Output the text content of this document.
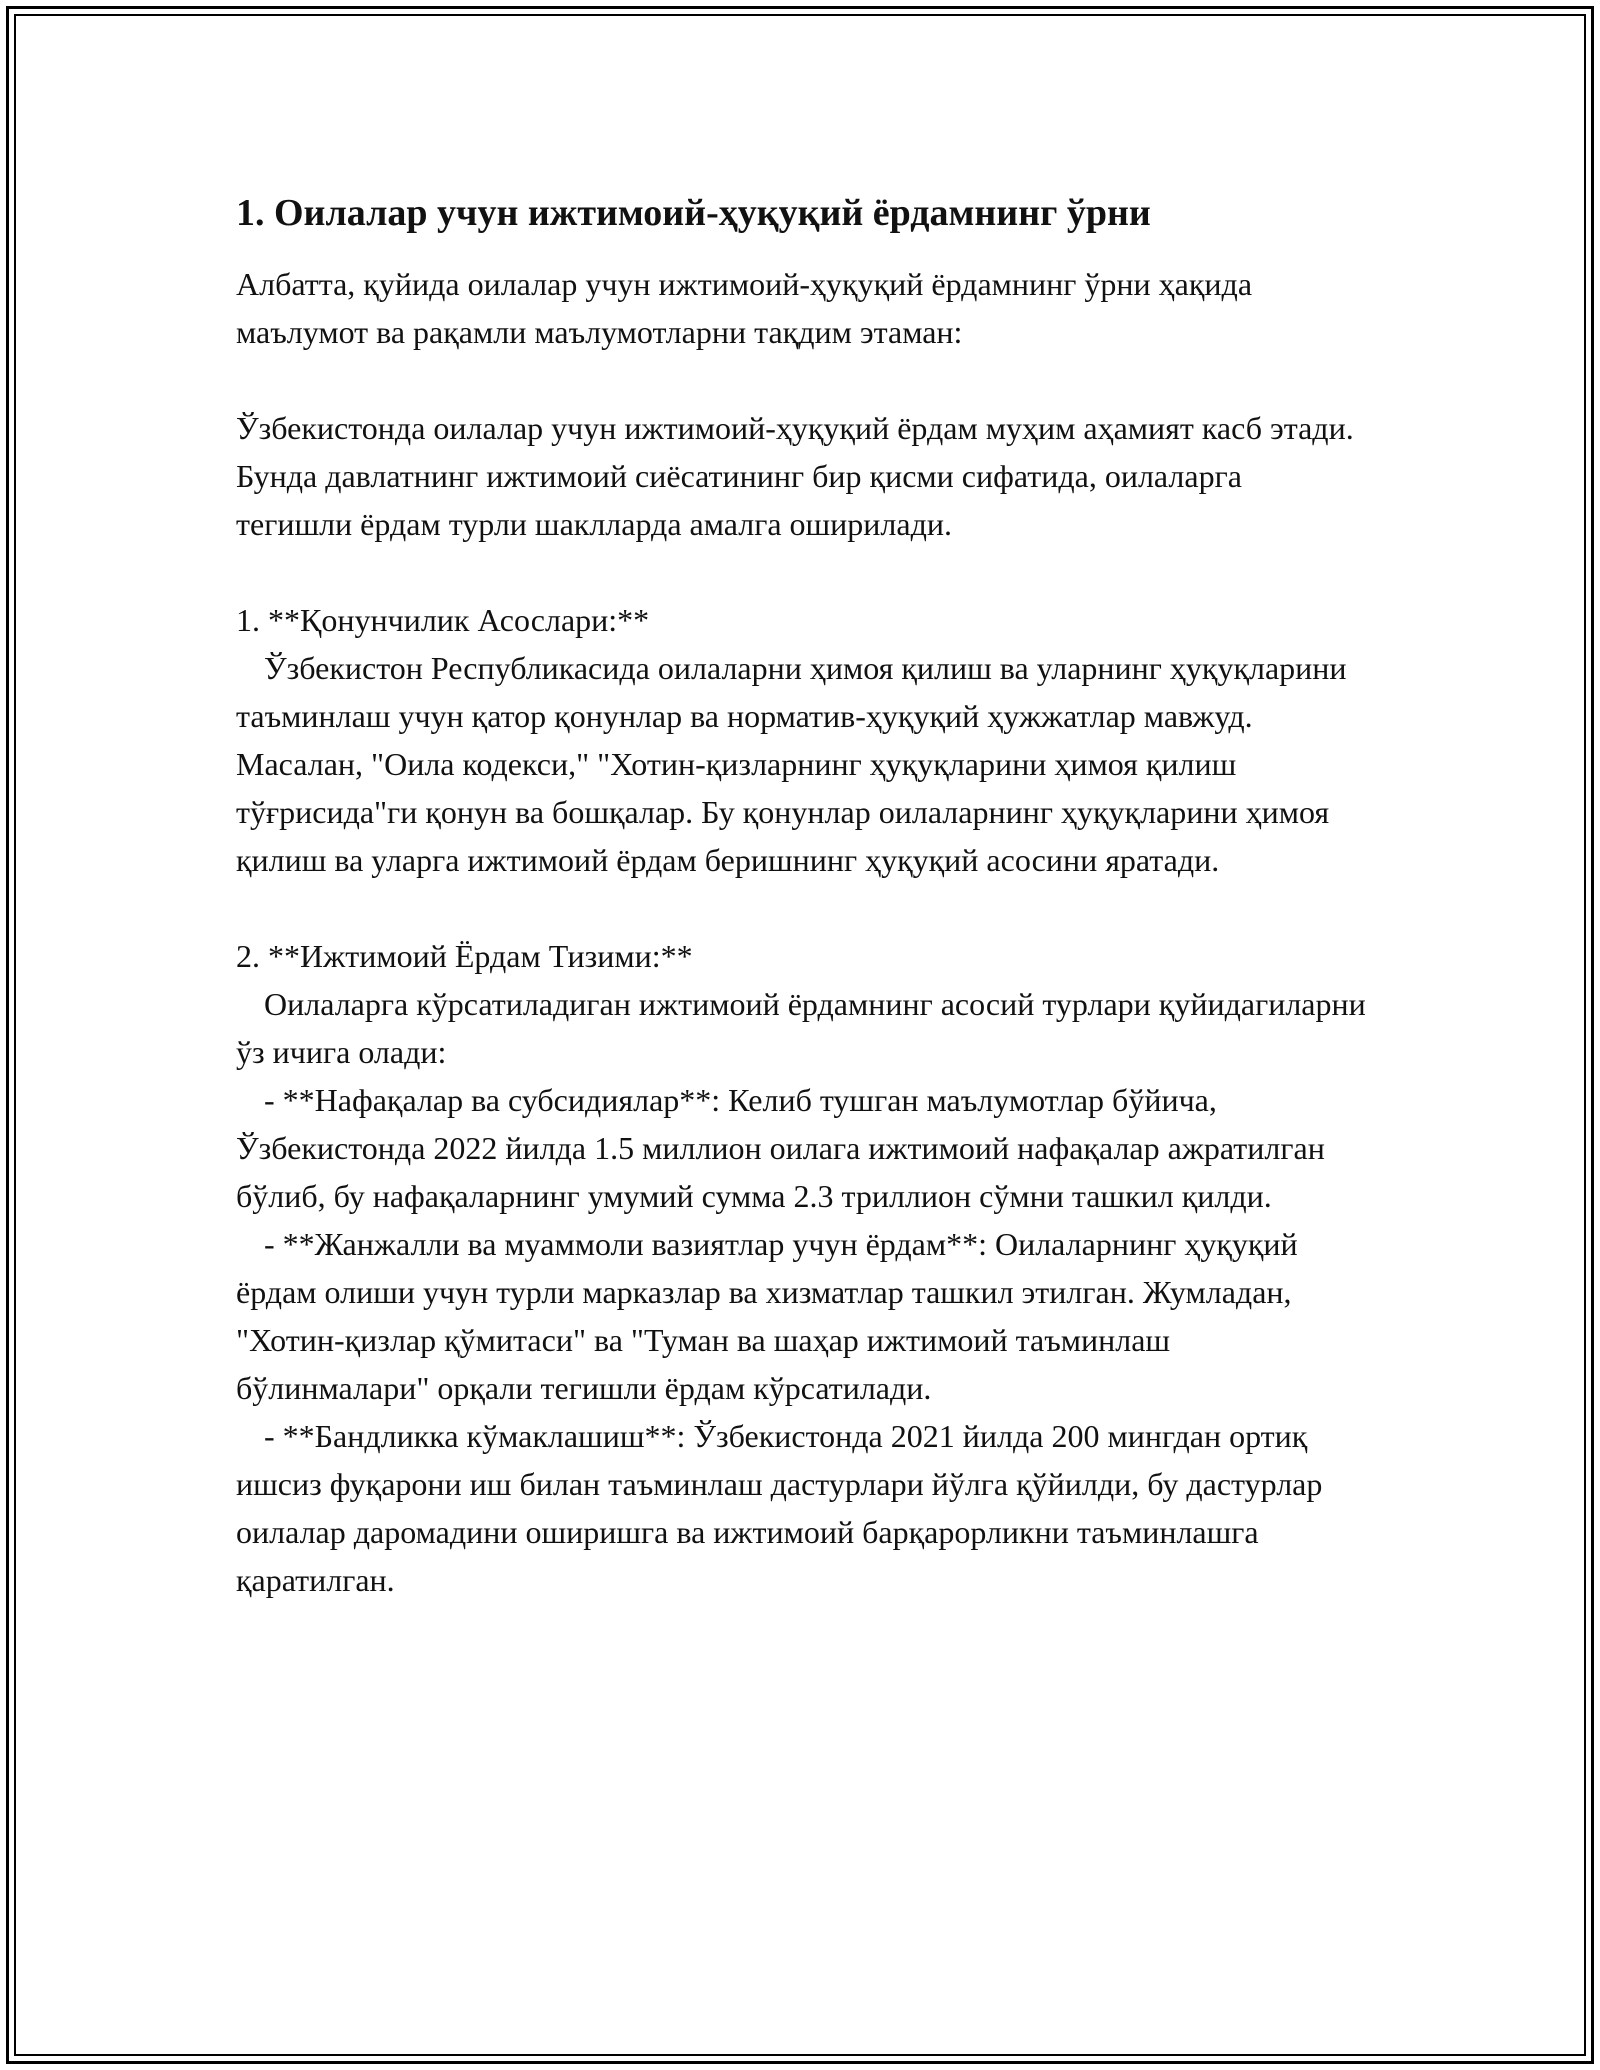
1. Оилалар учун ижтимоий-ҳуқуқий ёрдамнинг ўрни

Албатта, қуйида оилалар учун ижтимоий-ҳуқуқий ёрдамнинг ўрни ҳақида маълумот ва рақамли маълумотларни тақдим этаман:

Ўзбекистонда оилалар учун ижтимоий-ҳуқуқий ёрдам муҳим аҳамият касб этади. Бунда давлатнинг ижтимоий сиёсатининг бир қисми сифатида, оилаларга тегишли ёрдам турли шаклларда амалга оширилади.

1. **Қонунчилик Асослари:**

Ўзбекистон Республикасида оилаларни ҳимоя қилиш ва уларнинг ҳуқуқларини таъминлаш учун қатор қонунлар ва норматив-ҳуқуқий ҳужжатлар мавжуд. Масалан, "Оила кодекси," "Хотин-қизларнинг ҳуқуқларини ҳимоя қилиш тўғрисида"ги қонун ва бошқалар. Бу қонунлар оилаларнинг ҳуқуқларини ҳимоя қилиш ва уларга ижтимоий ёрдам беришнинг ҳуқуқий асосини яратади.

2. **Ижтимоий Ёрдам Тизими:**

Оилаларга кўрсатиладиган ижтимоий ёрдамнинг асосий турлари қуйидагиларни ўз ичига олади:

- **Нафақалар ва субсидиялар**: Келиб тушган маълумотлар бўйича, Ўзбекистонда 2022 йилда 1.5 миллион оилага ижтимоий нафақалар ажратилган бўлиб, бу нафақаларнинг умумий сумма 2.3 триллион сўмни ташкил қилди.

- **Жанжалли ва муаммоли вазиятлар учун ёрдам**: Оилаларнинг ҳуқуқий ёрдам олиши учун турли марказлар ва хизматлар ташкил этилган. Жумладан, "Хотин-қизлар қўмитаси" ва "Туман ва шаҳар ижтимоий таъминлаш бўлинмалари" орқали тегишли ёрдам кўрсатилади.

- **Бандликка кўмаклашиш**: Ўзбекистонда 2021 йилда 200 мингдан ортиқ ишсиз фуқарони иш билан таъминлаш дастурлари йўлга қўйилди, бу дастурлар оилалар даромадини оширишга ва ижтимоий барқарорликни таъминлашга қаратилган.
